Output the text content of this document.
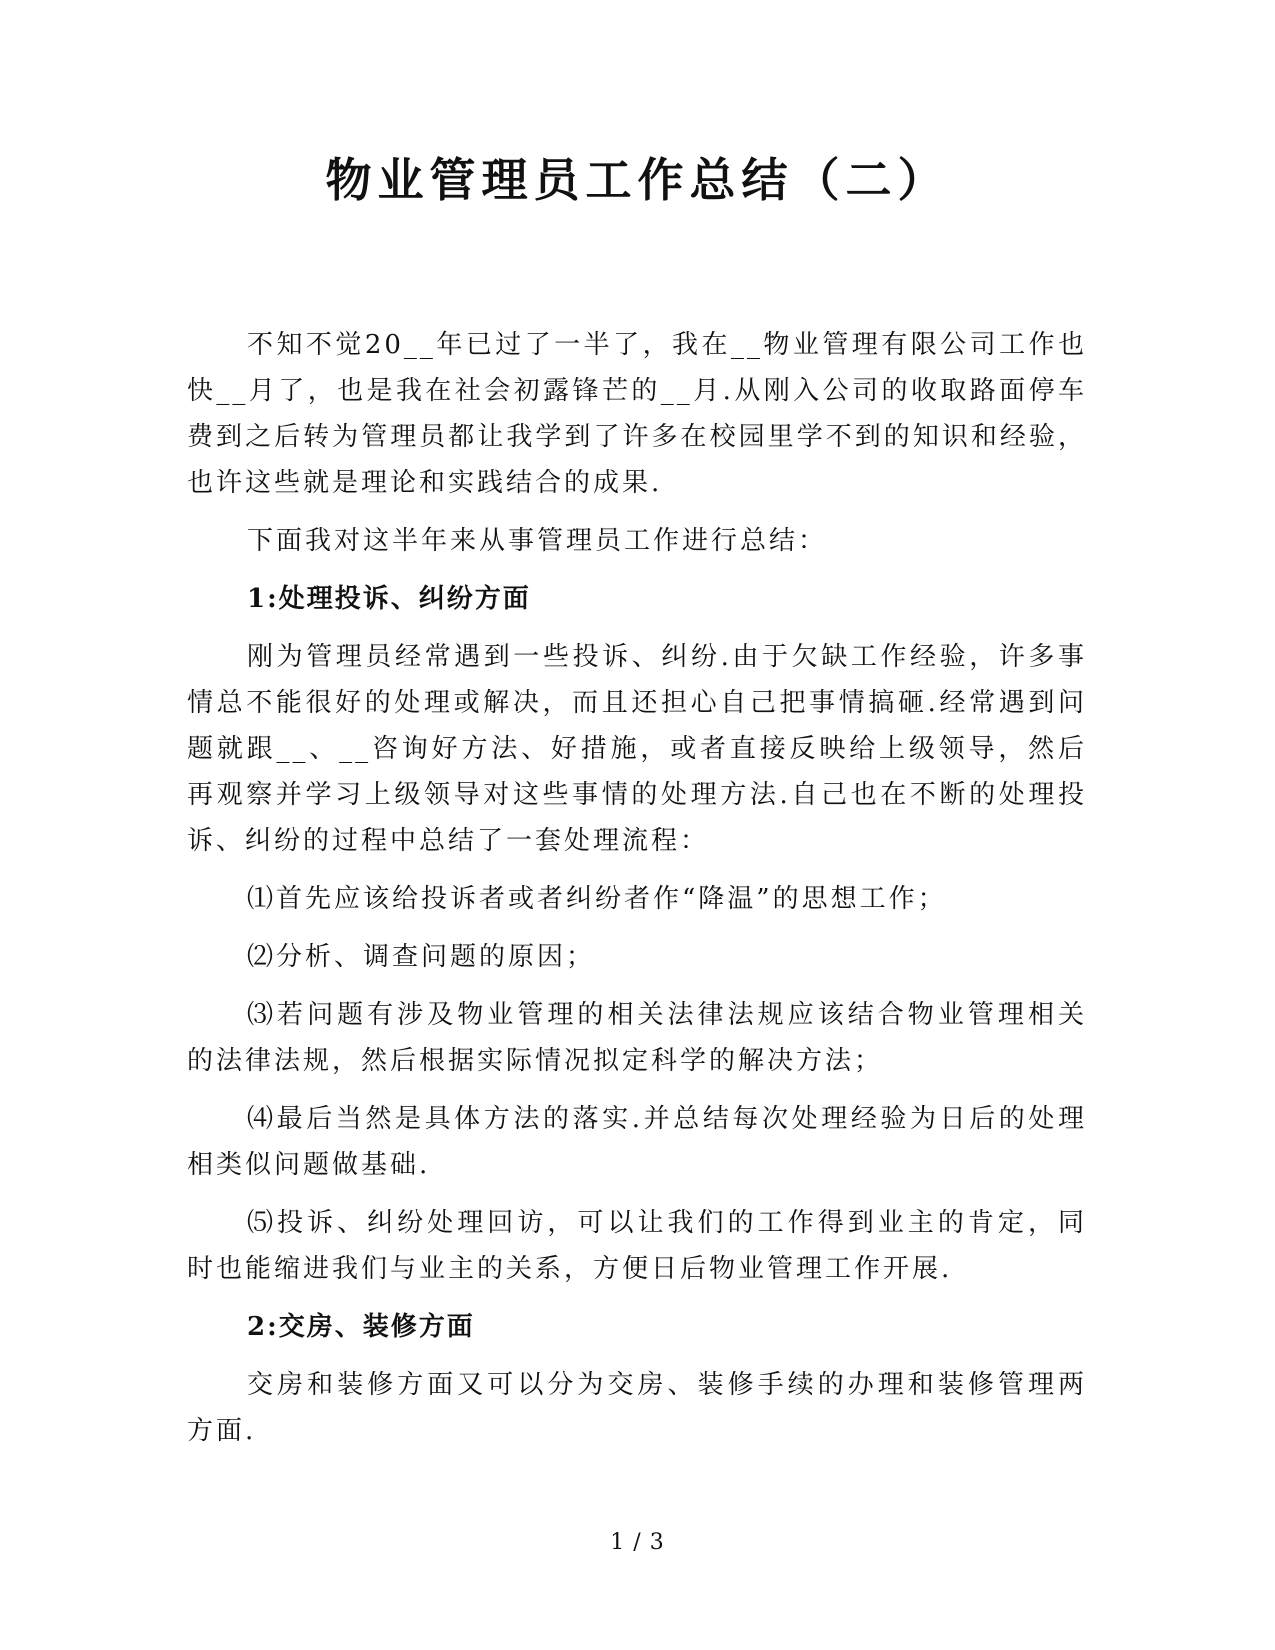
物业管理员工作总结（二）

不知不觉20__年已过了一半了，我在__物业管理有限公司工作也快__月了，也是我在社会初露锋芒的__月.从刚入公司的收取路面停车费到之后转为管理员都让我学到了许多在校园里学不到的知识和经验，也许这些就是理论和实践结合的成果.

下面我对这半年来从事管理员工作进行总结：

1:处理投诉、纠纷方面

刚为管理员经常遇到一些投诉、纠纷.由于欠缺工作经验，许多事情总不能很好的处理或解决，而且还担心自己把事情搞砸.经常遇到问题就跟__、__咨询好方法、好措施，或者直接反映给上级领导，然后再观察并学习上级领导对这些事情的处理方法.自己也在不断的处理投诉、纠纷的过程中总结了一套处理流程：

⑴首先应该给投诉者或者纠纷者作“降温”的思想工作；

⑵分析、调查问题的原因；

⑶若问题有涉及物业管理的相关法律法规应该结合物业管理相关的法律法规，然后根据实际情况拟定科学的解决方法；

⑷最后当然是具体方法的落实.并总结每次处理经验为日后的处理相类似问题做基础.

⑸投诉、纠纷处理回访，可以让我们的工作得到业主的肯定，同时也能缩进我们与业主的关系，方便日后物业管理工作开展.

2:交房、装修方面

交房和装修方面又可以分为交房、装修手续的办理和装修管理两方面.

1 / 3
